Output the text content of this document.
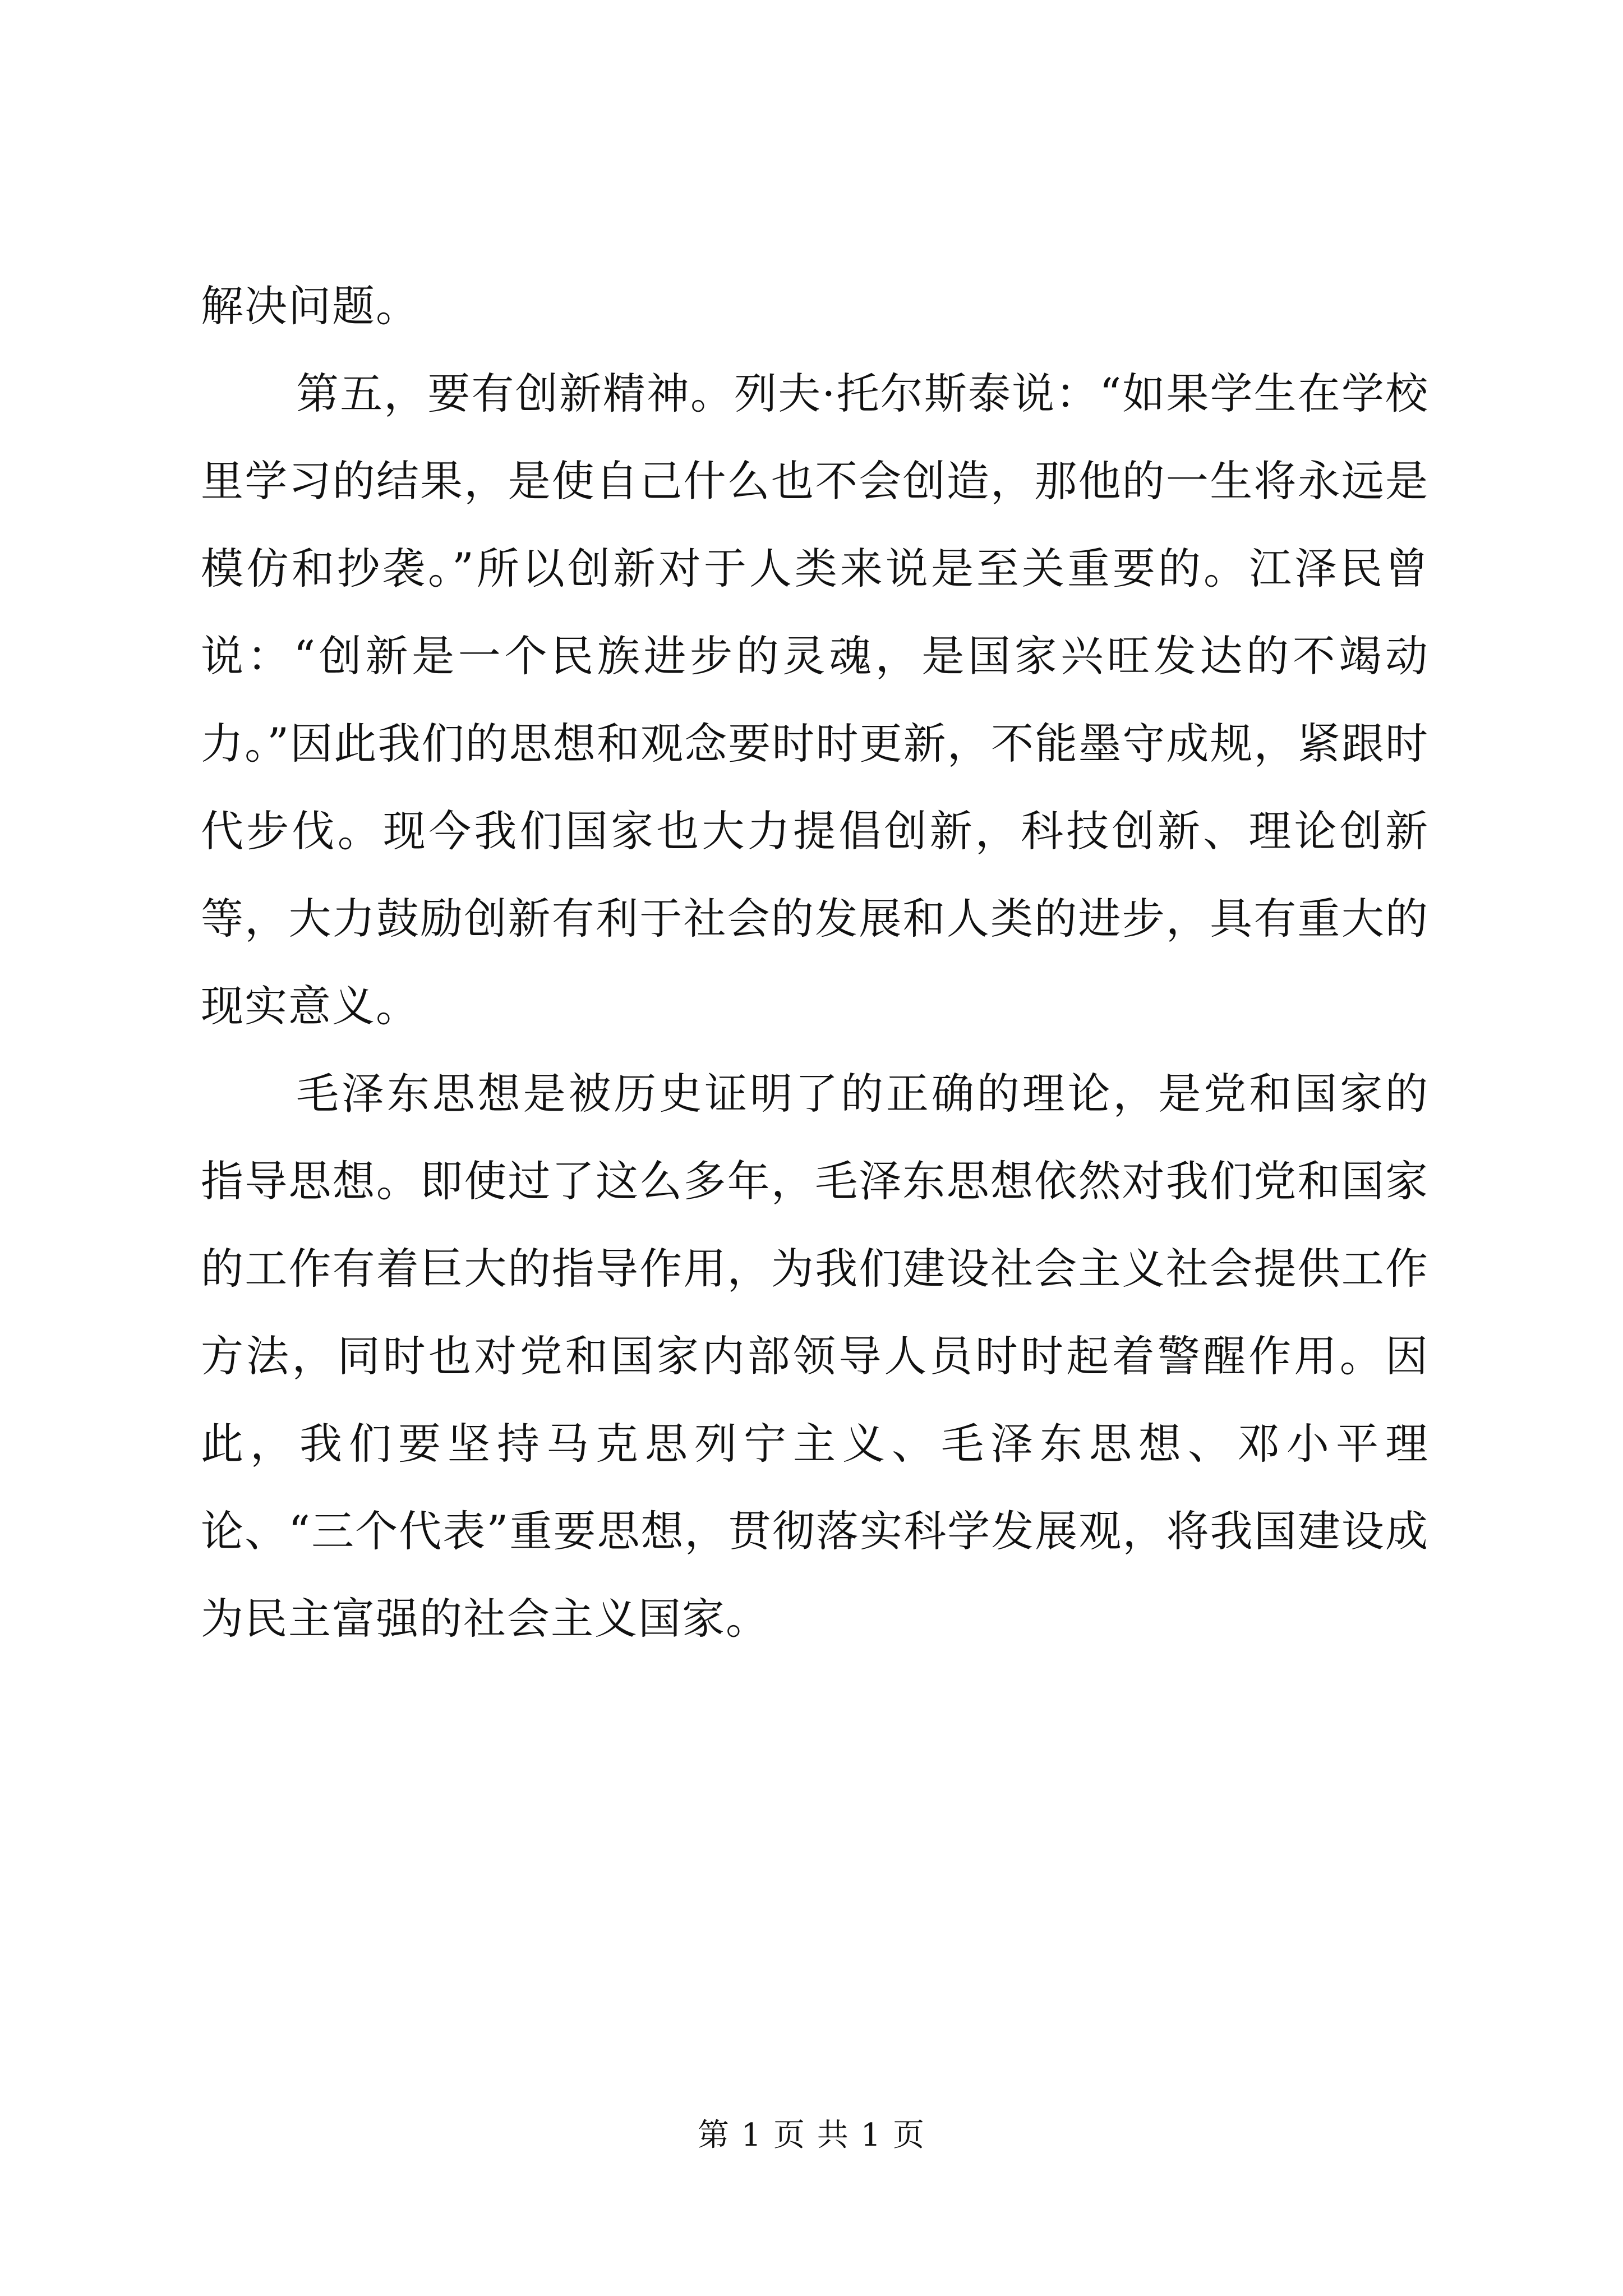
解决问题。

第五，要有创新精神。列夫·托尔斯泰说：“如果学生在学校里学习的结果，是使自己什么也不会创造，那他的一生将永远是模仿和抄袭。”所以创新对于人类来说是至关重要的。江泽民曾说：“创新是一个民族进步的灵魂，是国家兴旺发达的不竭动力。”因此我们的思想和观念要时时更新，不能墨守成规，紧跟时代步伐。现今我们国家也大力提倡创新，科技创新、理论创新等，大力鼓励创新有利于社会的发展和人类的进步，具有重大的现实意义。

毛泽东思想是被历史证明了的正确的理论，是党和国家的指导思想。即使过了这么多年，毛泽东思想依然对我们党和国家的工作有着巨大的指导作用，为我们建设社会主义社会提供工作方法，同时也对党和国家内部领导人员时时起着警醒作用。因此，我们要坚持马克思列宁主义、毛泽东思想、邓小平理论、“三个代表”重要思想，贯彻落实科学发展观，将我国建设成为民主富强的社会主义国家。

第 1 页 共 1 页
